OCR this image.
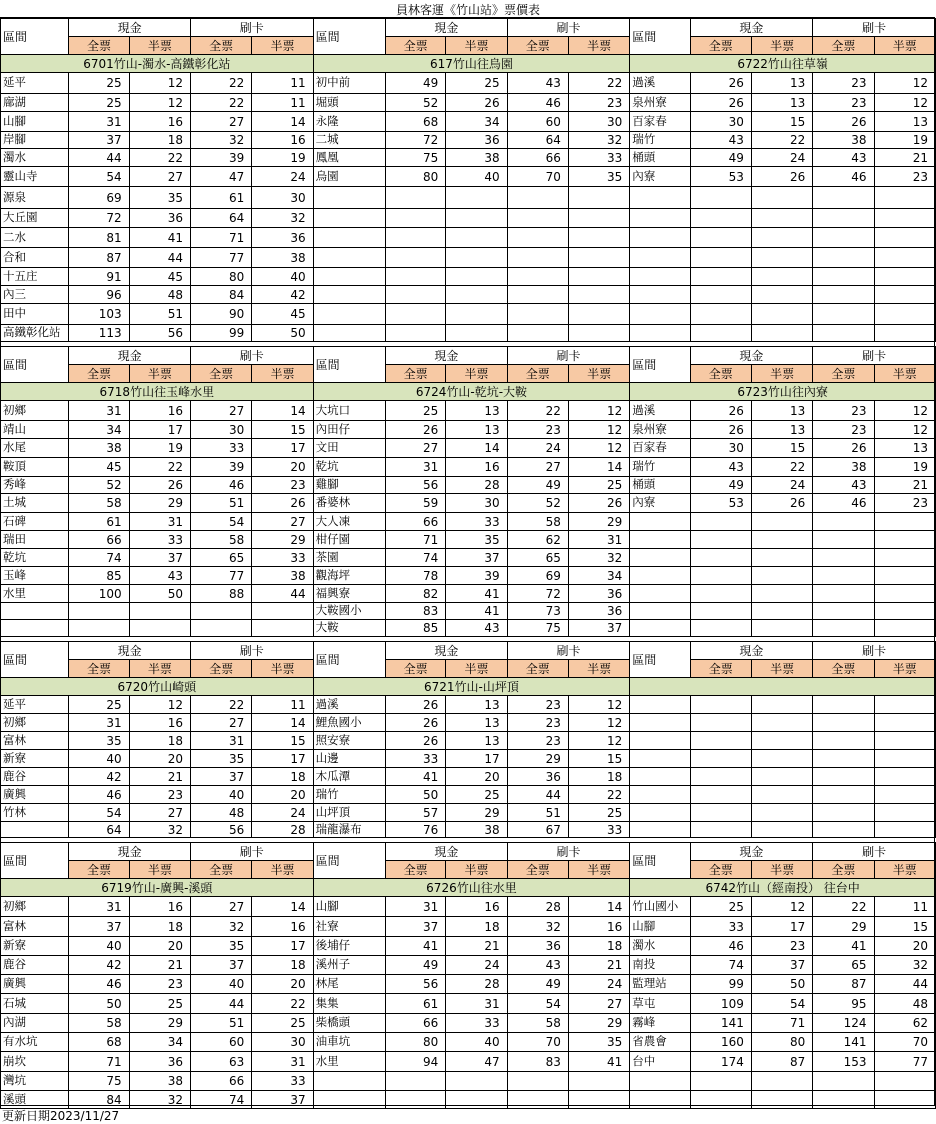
員林客運《竹山站》票價表
區間	現金		刷卡		區間	現金		刷卡		區間	現金		刷卡	
	全票	半票	全票	半票		全票	半票	全票	半票		全票	半票	全票	半票
6701竹山-濁水-高鐵彰化站					617竹山往烏園					6722竹山往草嶺				
延平	25	12	22	11	初中前	49	25	43	22	過溪	26	13	23	12
廍湖	25	12	22	11	堀頭	52	26	46	23	泉州寮	26	13	23	12
山腳	31	16	27	14	永隆	68	34	60	30	百家春	30	15	26	13
岸腳	37	18	32	16	二城	72	36	64	32	瑞竹	43	22	38	19
濁水	44	22	39	19	鳳凰	75	38	66	33	桶頭	49	24	43	21
靈山寺	54	27	47	24	烏園	80	40	70	35	內寮	53	26	46	23
源泉	69	35	61	30										
大丘園	72	36	64	32										
二水	81	41	71	36										
合和	87	44	77	38										
十五庄	91	45	80	40										
內三	96	48	84	42										
田中	103	51	90	45										
高鐵彰化站	113	56	99	50										
區間	現金		刷卡		區間	現金		刷卡		區間	現金		刷卡	
	全票	半票	全票	半票		全票	半票	全票	半票		全票	半票	全票	半票
6718竹山往玉峰水里					6724竹山-乾坑-大鞍					6723竹山往內寮				
初鄉	31	16	27	14	大坑口	25	13	22	12	過溪	26	13	23	12
靖山	34	17	30	15	內田仔	26	13	23	12	泉州寮	26	13	23	12
水尾	38	19	33	17	文田	27	14	24	12	百家春	30	15	26	13
鞍頂	45	22	39	20	乾坑	31	16	27	14	瑞竹	43	22	38	19
秀峰	52	26	46	23	雞腳	56	28	49	25	桶頭	49	24	43	21
土城	58	29	51	26	番婆林	59	30	52	26	內寮	53	26	46	23
石碑	61	31	54	27	大人凍	66	33	58	29					
瑞田	66	33	58	29	柑仔園	71	35	62	31					
乾坑	74	37	65	33	茶園	74	37	65	32					
玉峰	85	43	77	38	觀海坪	78	39	69	34					
水里	100	50	88	44	福興寮	82	41	72	36					
					大鞍國小	83	41	73	36					
					大鞍	85	43	75	37					
區間	現金		刷卡		區間	現金		刷卡		區間	現金		刷卡	
	全票	半票	全票	半票		全票	半票	全票	半票		全票	半票	全票	半票
6720竹山崎頭					6721竹山-山坪頂									
延平	25	12	22	11	過溪	26	13	23	12					
初鄉	31	16	27	14	鯉魚國小	26	13	23	12					
富林	35	18	31	15	照安寮	26	13	23	12					
新寮	40	20	35	17	山邊	33	17	29	15					
鹿谷	42	21	37	18	木瓜潭	41	20	36	18					
廣興	46	23	40	20	瑞竹	50	25	44	22					
竹林	54	27	48	24	山坪頂	57	29	51	25					
	64	32	56	28	瑞龍瀑布	76	38	67	33					
區間	現金		刷卡		區間	現金		刷卡		區間	現金		刷卡	
	全票	半票	全票	半票		全票	半票	全票	半票		全票	半票	全票	半票
6719竹山-廣興-溪頭					6726竹山往水里					6742竹山（經南投） 往台中				
初鄉	31	16	27	14	山腳	31	16	28	14	竹山國小	25	12	22	11
富林	37	18	32	16	社寮	37	18	32	16	山腳	33	17	29	15
新寮	40	20	35	17	後埔仔	41	21	36	18	濁水	46	23	41	20
鹿谷	42	21	37	18	溪州子	49	24	43	21	南投	74	37	65	32
廣興	46	23	40	20	林尾	56	28	49	24	監理站	99	50	87	44
石城	50	25	44	22	集集	61	31	54	27	草屯	109	54	95	48
內湖	58	29	51	25	柴橋頭	66	33	58	29	霧峰	141	71	124	62
有水坑	68	34	60	30	油車坑	80	40	70	35	省農會	160	80	141	70
崩坎	71	36	63	31	水里	94	47	83	41	台中	174	87	153	77
灣坑	75	38	66	33										
溪頭	84	32	74	37										
更新日期2023/11/27
